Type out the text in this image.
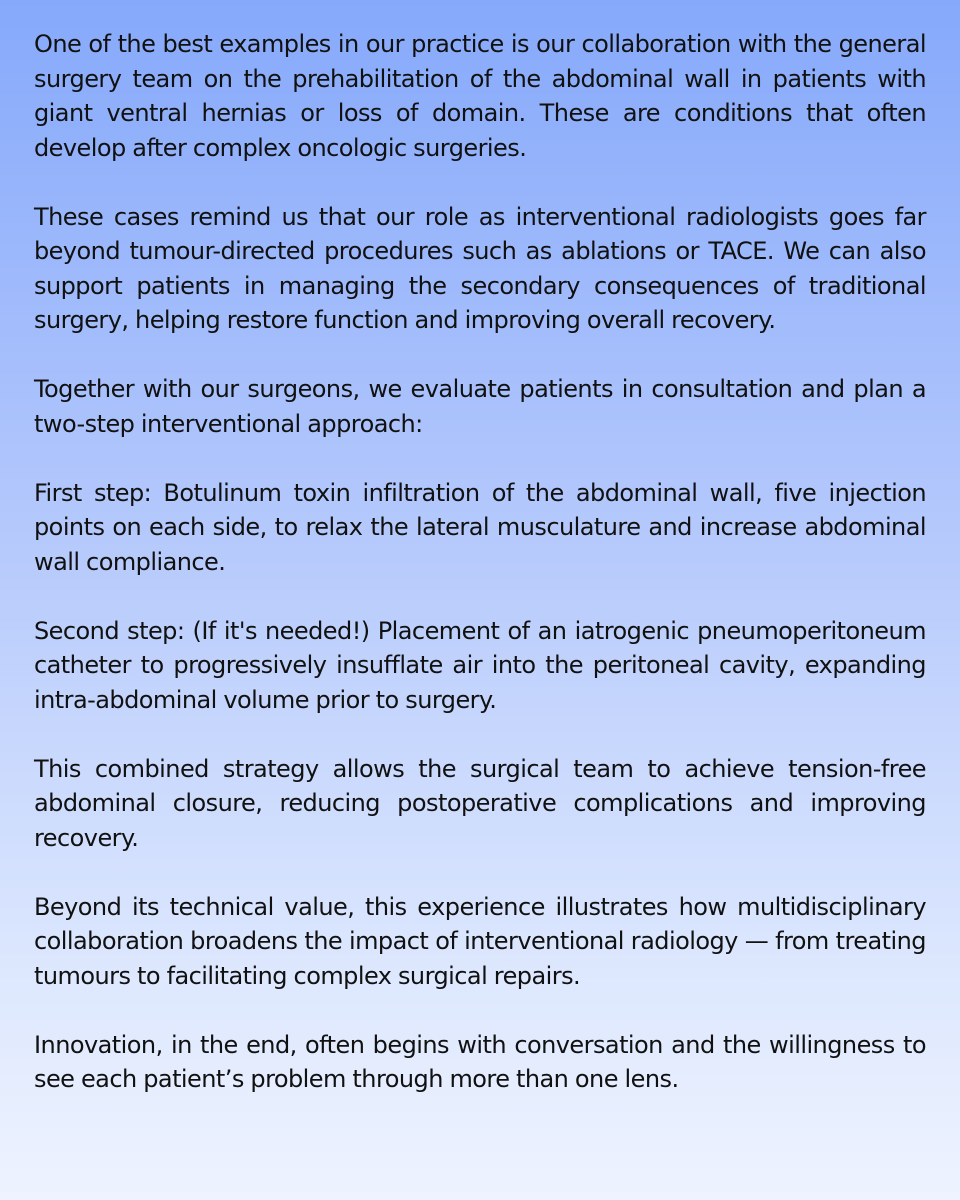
One of the best examples in our practice is our collaboration with the general surgery team on the prehabilitation of the abdominal wall in patients with giant ventral hernias or loss of domain. These are conditions that often develop after complex oncologic surgeries.

These cases remind us that our role as interventional radiologists goes far beyond tumour-directed procedures such as ablations or TACE. We can also support patients in managing the secondary consequences of traditional surgery, helping restore function and improving overall recovery.

Together with our surgeons, we evaluate patients in consultation and plan a two-step interventional approach:

First step: Botulinum toxin infiltration of the abdominal wall, five injection points on each side, to relax the lateral musculature and increase abdominal wall compliance.

Second step: (If it's needed!) Placement of an iatrogenic pneumoperitoneum catheter to progressively insufflate air into the peritoneal cavity, expanding intra-abdominal volume prior to surgery.

This combined strategy allows the surgical team to achieve tension-free abdominal closure, reducing postoperative complications and improving recovery.

Beyond its technical value, this experience illustrates how multidisciplinary collaboration broadens the impact of interventional radiology — from treating tumours to facilitating complex surgical repairs.

Innovation, in the end, often begins with conversation and the willingness to see each patient’s problem through more than one lens.
